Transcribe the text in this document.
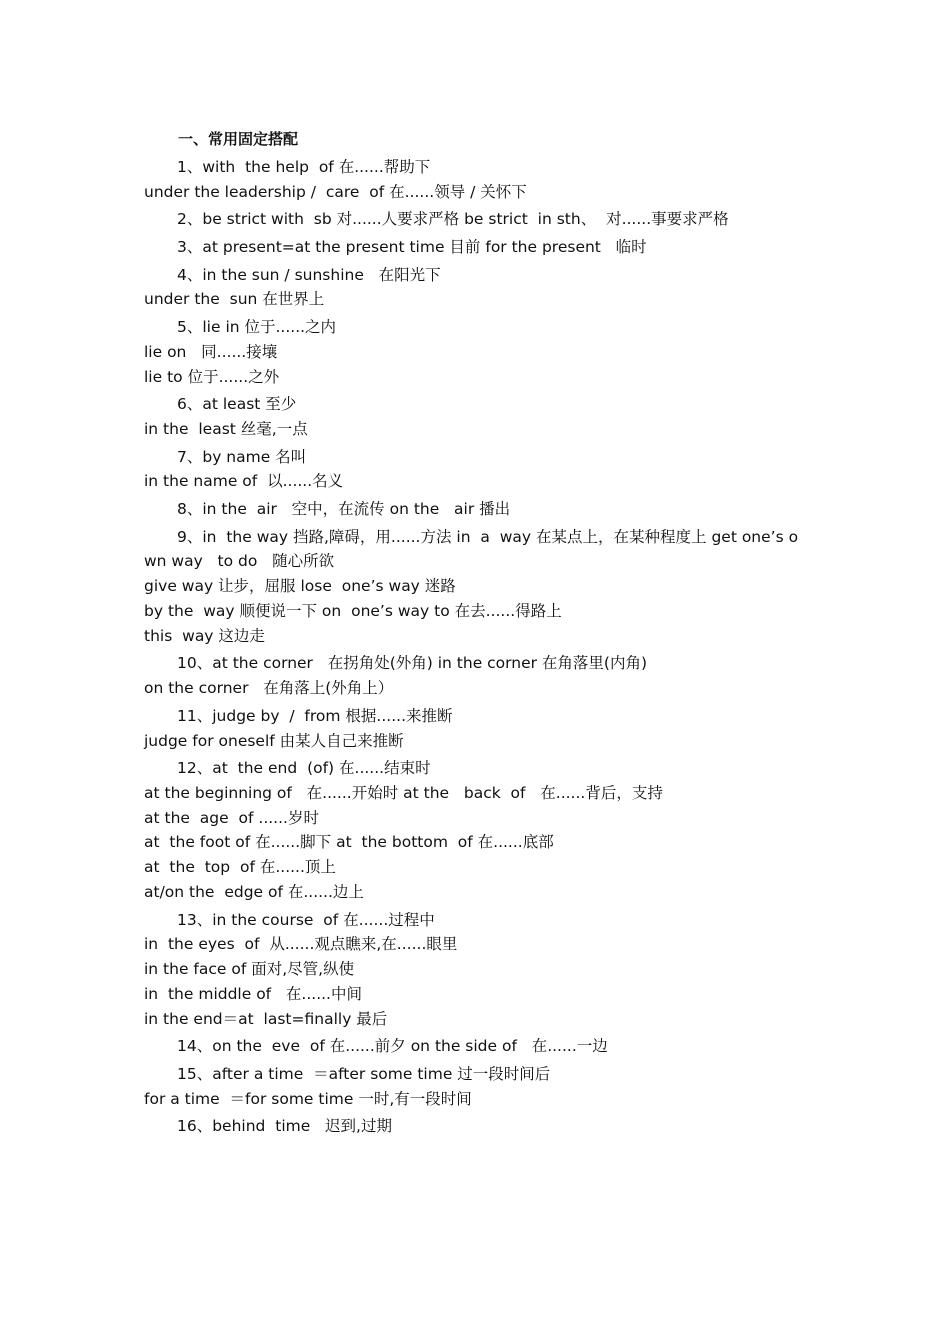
一、常用固定搭配
1、with  the help  of 在......帮助下
under the leadership /  care  of 在......领导 / 关怀下
2、be strict with  sb 对......人要求严格 be strict  in sth、  对......事要求严格
3、at present=at the present time 目前 for the present   临时
4、in the sun / sunshine   在阳光下
under the  sun 在世界上
5、lie in 位于......之内
lie on   同......接壤
lie to 位于......之外
6、at least 至少
in the  least 丝毫,一点
7、by name 名叫
in the name of  以......名义
8、in the  air   空中，在流传 on the   air 播出
9、in  the way 挡路,障碍，用......方法 in  a  way 在某点上，在某种程度上 get one’s own way   to do   随心所欲
give way 让步，屈服 lose  one’s way 迷路
by the  way 顺便说一下 on  one’s way to 在去......得路上
this  way 这边走
10、at the corner   在拐角处(外角) in the corner 在角落里(内角)
on the corner   在角落上(外角上）
11、judge by  /  from 根据......来推断
judge for oneself 由某人自己来推断
12、at  the end  (of) 在......结束时
at the beginning of   在......开始时 at the   back  of   在......背后，支持
at the  age  of ......岁时
at  the foot of 在......脚下 at  the bottom  of 在......底部
at  the  top  of 在......顶上
at/on the  edge of 在......边上
13、in the course  of 在......过程中
in  the eyes  of  从......观点瞧来,在......眼里
in the face of 面对,尽管,纵使
in  the middle of   在......中间
in the end＝at  last=finally 最后
14、on the  eve  of 在......前夕 on the side of   在......一边
15、after a time  ＝after some time 过一段时间后
for a time  ＝for some time 一时,有一段时间
16、behind  time   迟到,过期
